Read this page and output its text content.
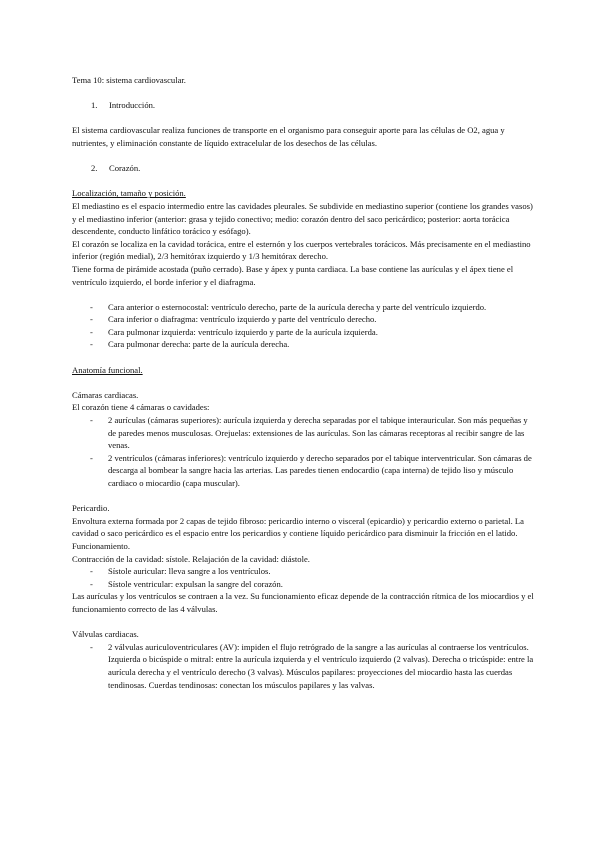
Tema 10: sistema cardiovascular.

1.	Introducción.

El sistema cardiovascular realiza funciones de transporte en el organismo para conseguir aporte para las células de O2, agua y nutrientes, y eliminación constante de líquido extracelular de los desechos de las células.

2.	Corazón.

Localización, tamaño y posición.

El mediastino es el espacio intermedio entre las cavidades pleurales. Se subdivide en mediastino superior (contiene los grandes vasos) y el mediastino inferior (anterior: grasa y tejido conectivo; medio: corazón dentro del saco pericárdico; posterior: aorta torácica descendente, conducto linfático torácico y esófago).

El corazón se localiza en la cavidad torácica, entre el esternón y los cuerpos vertebrales torácicos. Más precisamente en el mediastino inferior (región medial), 2/3 hemitórax izquierdo y 1/3 hemitórax derecho.

Tiene forma de pirámide acostada (puño cerrado). Base y ápex y punta cardiaca. La base contiene las aurículas y el ápex tiene el ventrículo izquierdo, el borde inferior y el diafragma.

-	Cara anterior o esternocostal: ventrículo derecho, parte de la aurícula derecha y parte del ventrículo izquierdo.
-	Cara inferior o diafragma: ventrículo izquierdo y parte del ventrículo derecho.
-	Cara pulmonar izquierda: ventrículo izquierdo y parte de la aurícula izquierda.
-	Cara pulmonar derecha: parte de la aurícula derecha.

Anatomía funcional.

Cámaras cardiacas.

El corazón tiene 4 cámaras o cavidades:

-	2 aurículas (cámaras superiores): aurícula izquierda y derecha separadas por el tabique interauricular. Son más pequeñas y de paredes menos musculosas. Orejuelas: extensiones de las aurículas. Son las cámaras receptoras al recibir sangre de las venas.
-	2 ventrículos (cámaras inferiores): ventrículo izquierdo y derecho separados por el tabique interventricular. Son cámaras de descarga al bombear la sangre hacia las arterias. Las paredes tienen endocardio (capa interna) de tejido liso y músculo cardiaco o miocardio (capa muscular).

Pericardio.

Envoltura externa formada por 2 capas de tejido fibroso: pericardio interno o visceral (epicardio) y pericardio externo o parietal. La cavidad o saco pericárdico es el espacio entre los pericardios y contiene líquido pericárdico para disminuir la fricción en el latido.

Funcionamiento.

Contracción de la cavidad: sístole. Relajación de la cavidad: diástole.

-	Sístole auricular: lleva sangre a los ventrículos.
-	Sístole ventricular: expulsan la sangre del corazón.

Las aurículas y los ventrículos se contraen a la vez. Su funcionamiento eficaz depende de la contracción rítmica de los miocardios y el funcionamiento correcto de las 4 válvulas.

Válvulas cardiacas.

-	2 válvulas auriculoventriculares (AV): impiden el flujo retrógrado de la sangre a las aurículas al contraerse los ventrículos. Izquierda o bicúspide o mitral: entre la aurícula izquierda y el ventrículo izquierdo (2 valvas). Derecha o tricúspide: entre la aurícula derecha y el ventrículo derecho (3 valvas). Músculos papilares: proyecciones del miocardio hasta las cuerdas tendinosas. Cuerdas tendinosas: conectan los músculos papilares y las valvas.
